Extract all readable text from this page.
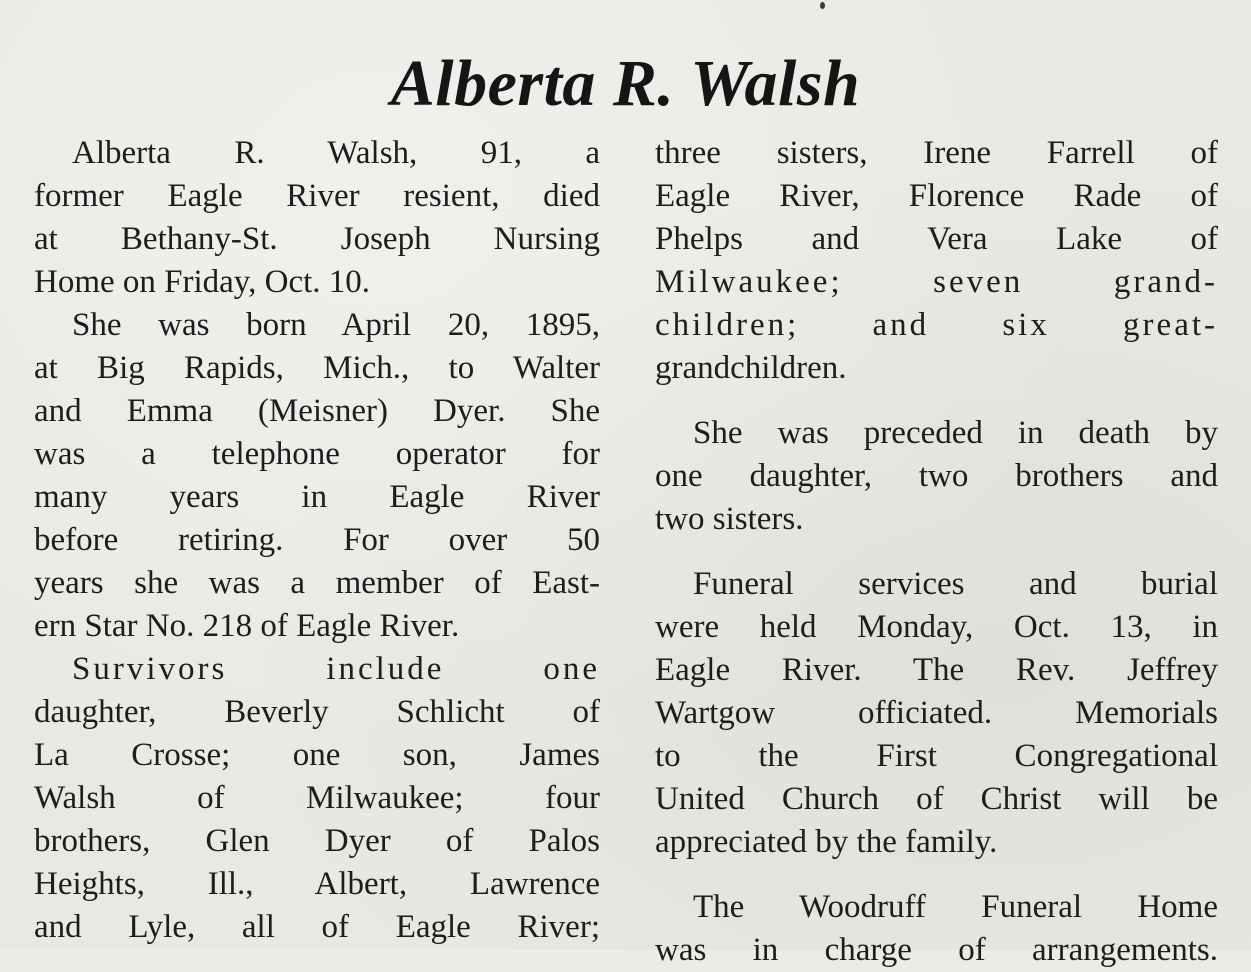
Alberta R. Walsh

Alberta R. Walsh, 91, a
former Eagle River resient, died
at Bethany-St. Joseph Nursing
Home on Friday, Oct. 10.

She was born April 20, 1895,
at Big Rapids, Mich., to Walter
and Emma (Meisner) Dyer. She
was a telephone operator for
many years in Eagle River
before retiring. For over 50
years she was a member of East-
ern Star No. 218 of Eagle River.

Survivors include one
daughter, Beverly Schlicht of
La Crosse; one son, James
Walsh of Milwaukee; four
brothers, Glen Dyer of Palos
Heights, Ill., Albert, Lawrence
and Lyle, all of Eagle River;

three sisters, Irene Farrell of
Eagle River, Florence Rade of
Phelps and Vera Lake of
Milwaukee; seven grand-
children; and six great-
grandchildren.

She was preceded in death by
one daughter, two brothers and
two sisters.

Funeral services and burial
were held Monday, Oct. 13, in
Eagle River. The Rev. Jeffrey
Wartgow officiated. Memorials
to the First Congregational
United Church of Christ will be
appreciated by the family.

The Woodruff Funeral Home
was in charge of arrangements.
